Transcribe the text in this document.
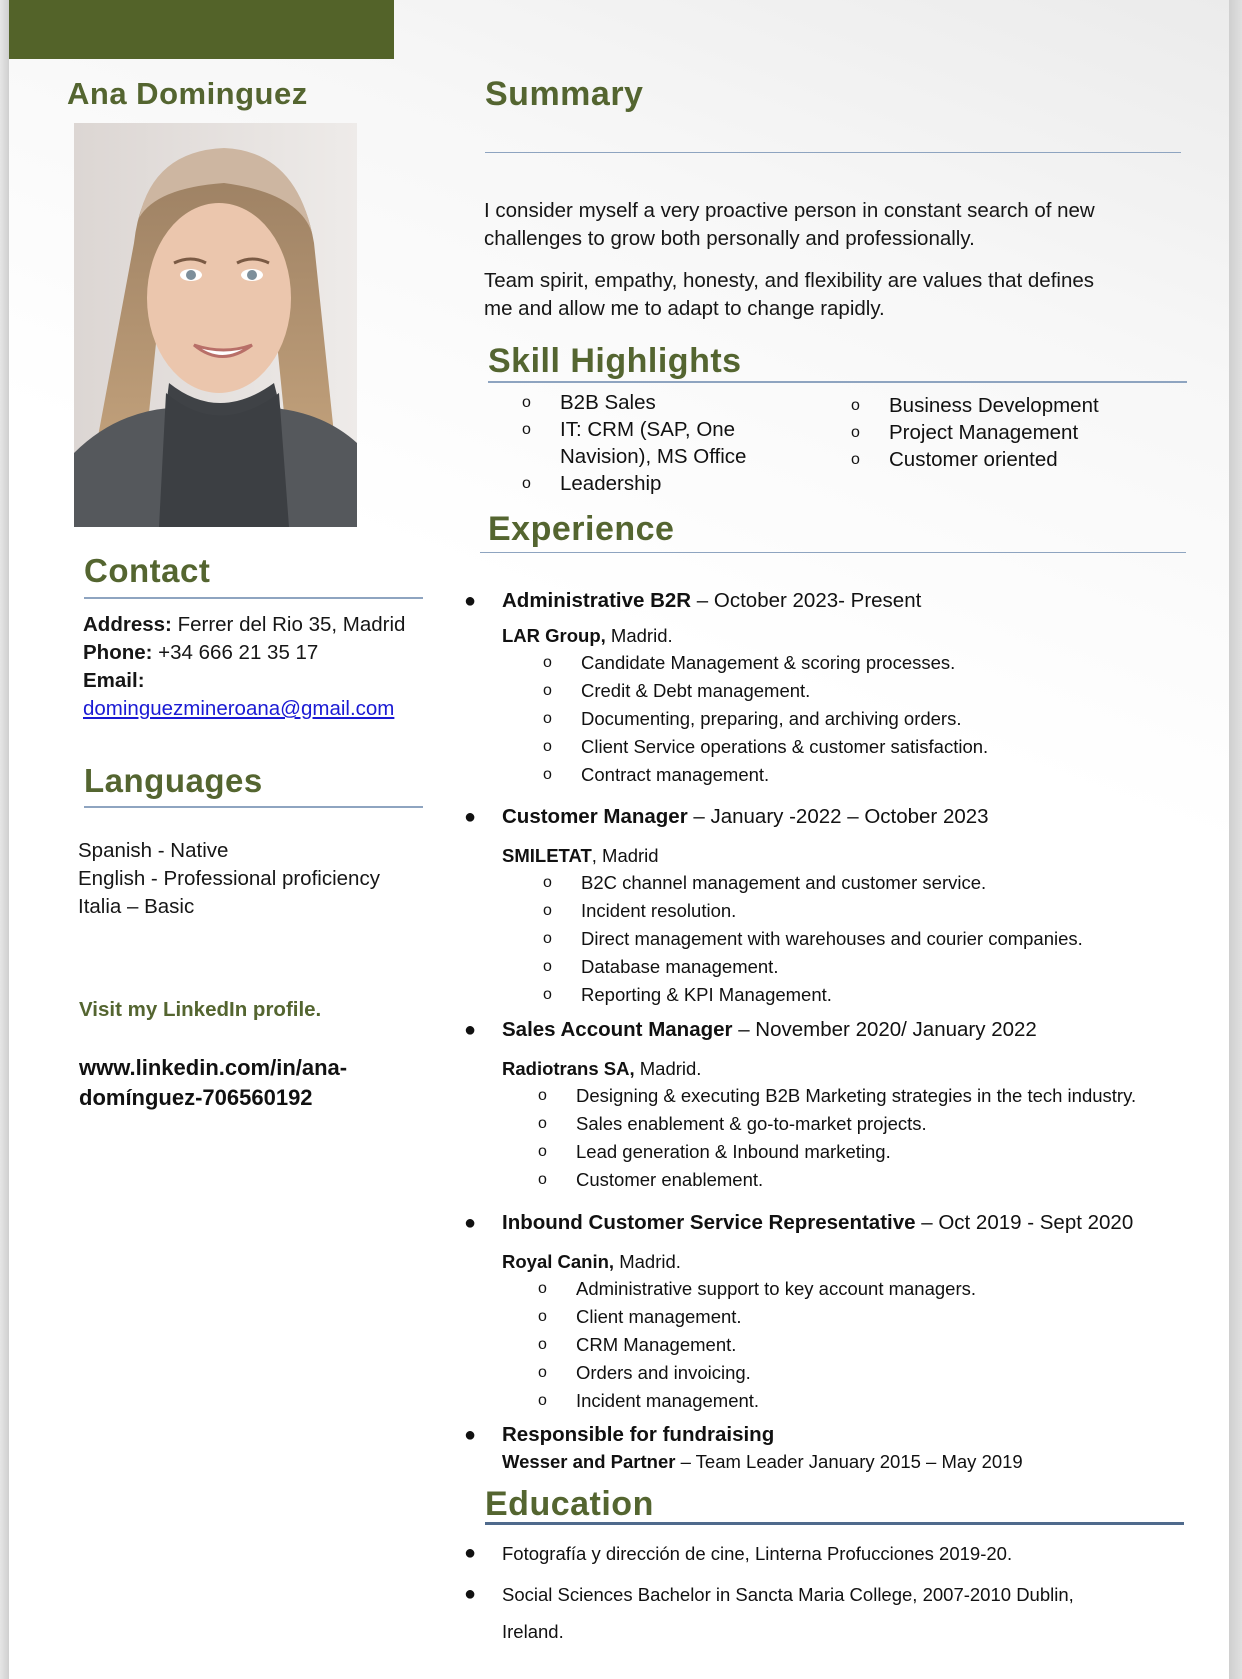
Ana Dominguez
Contact
Address: Ferrer del Rio 35, Madrid
Phone: +34 666 21 35 17
Email:
dominguezmineroana@gmail.com
Languages
Spanish - Native
English - Professional proficiency
Italia – Basic
Visit my LinkedIn profile.
www.linkedin.com/in/ana-
domínguez-706560192
Summary

I consider myself a very proactive person in constant search of new challenges to grow both personally and professionally.

Team spirit, empathy, honesty, and flexibility are values that defines me and allow me to adapt to change rapidly.

Skill Highlights
o B2B Sales
o IT: CRM (SAP, One Navision), MS Office
o Leadership
o Business Development
o Project Management
o Customer oriented
Experience
● Administrative B2R – October 2023- Present
LAR Group, Madrid.
o Candidate Management & scoring processes.
o Credit & Debt management.
o Documenting, preparing, and archiving orders.
o Client Service operations & customer satisfaction.
o Contract management.
● Customer Manager – January -2022 – October 2023
SMILETAT, Madrid
o B2C channel management and customer service.
o Incident resolution.
o Direct management with warehouses and courier companies.
o Database management.
o Reporting & KPI Management.
● Sales Account Manager – November 2020/ January 2022
Radiotrans SA, Madrid.
o Designing & executing B2B Marketing strategies in the tech industry.
o Sales enablement & go-to-market projects.
o Lead generation & Inbound marketing.
o Customer enablement.
● Inbound Customer Service Representative – Oct 2019 - Sept 2020
Royal Canin, Madrid.
o Administrative support to key account managers.
o Client management.
o CRM Management.
o Orders and invoicing.
o Incident management.
● Responsible for fundraising
Wesser and Partner – Team Leader January 2015 – May 2019
Education
● Fotografía y dirección de cine, Linterna Profucciones 2019-20.
● Social Sciences Bachelor in Sancta Maria College, 2007-2010 Dublin, Ireland.
